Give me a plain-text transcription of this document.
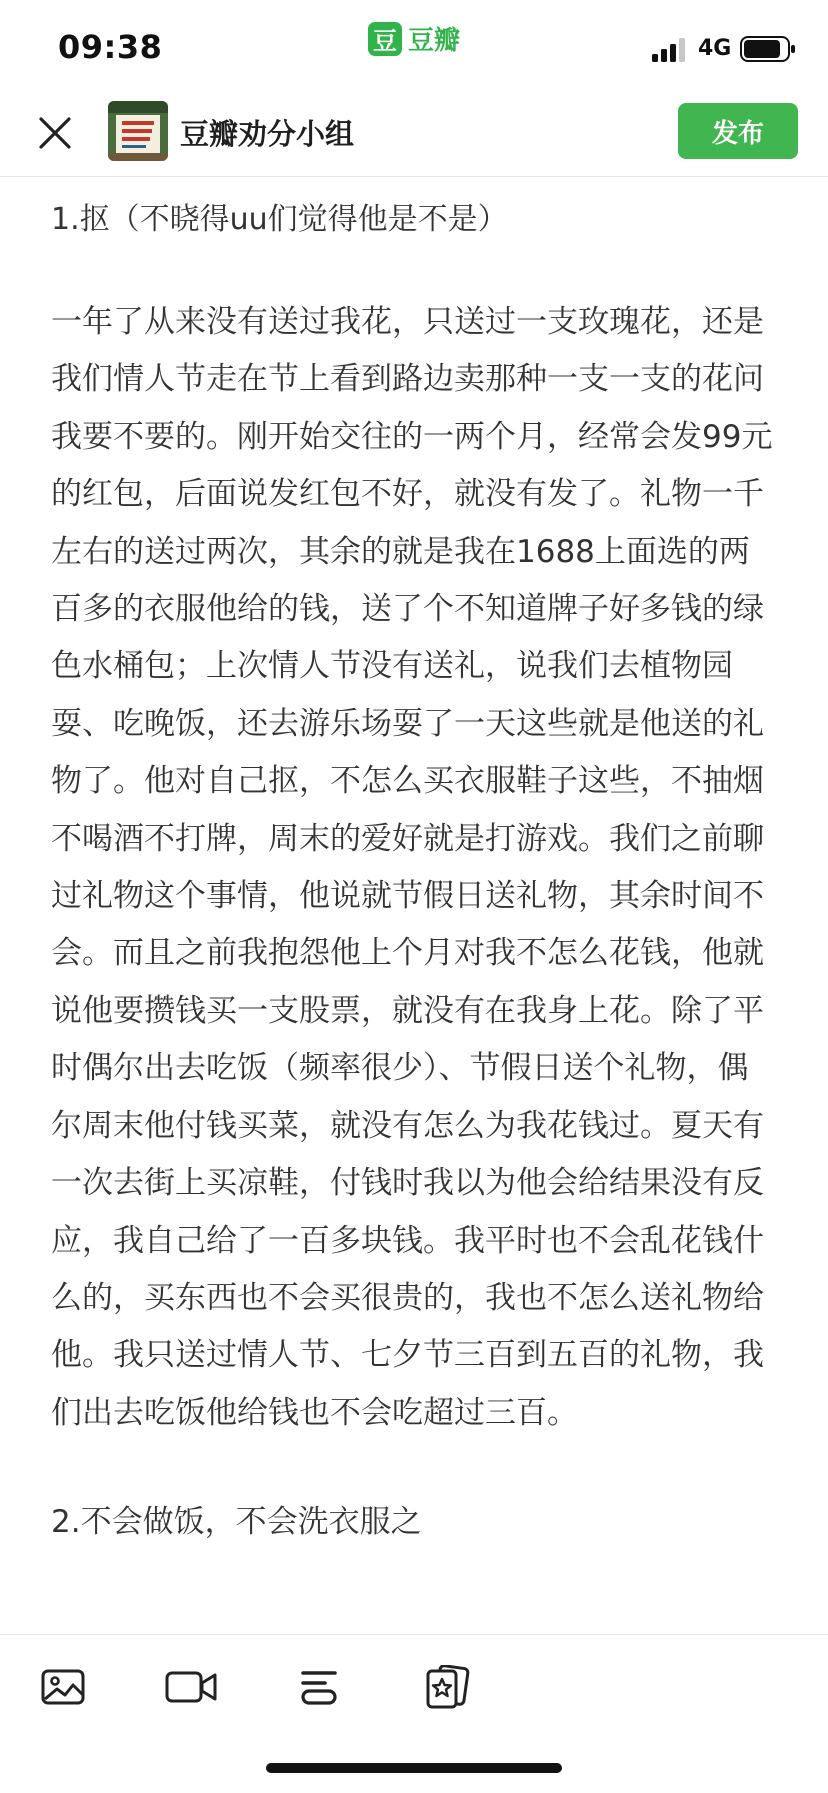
09:38	豆 豆瓣	4G
豆瓣劝分小组	发布
1.抠（不晓得uu们觉得他是不是）
一年了从来没有送过我花，只送过一支玫瑰花，还是我们情人节走在节上看到路边卖那种一支一支的花问我要不要的。刚开始交往的一两个月，经常会发99元的红包，后面说发红包不好，就没有发了。礼物一千左右的送过两次，其余的就是我在1688上面选的两百多的衣服他给的钱，送了个不知道牌子好多钱的绿色水桶包；上次情人节没有送礼，说我们去植物园耍、吃晚饭，还去游乐场耍了一天这些就是他送的礼物了。他对自己抠，不怎么买衣服鞋子这些，不抽烟不喝酒不打牌，周末的爱好就是打游戏。我们之前聊过礼物这个事情，他说就节假日送礼物，其余时间不会。而且之前我抱怨他上个月对我不怎么花钱，他就说他要攒钱买一支股票，就没有在我身上花。除了平时偶尔出去吃饭（频率很少）、节假日送个礼物，偶尔周末他付钱买菜，就没有怎么为我花钱过。夏天有一次去街上买凉鞋，付钱时我以为他会给结果没有反应，我自己给了一百多块钱。我平时也不会乱花钱什么的，买东西也不会买很贵的，我也不怎么送礼物给他。我只送过情人节、七夕节三百到五百的礼物，我们出去吃饭他给钱也不会吃超过三百。
2.不会做饭，不会洗衣服之
